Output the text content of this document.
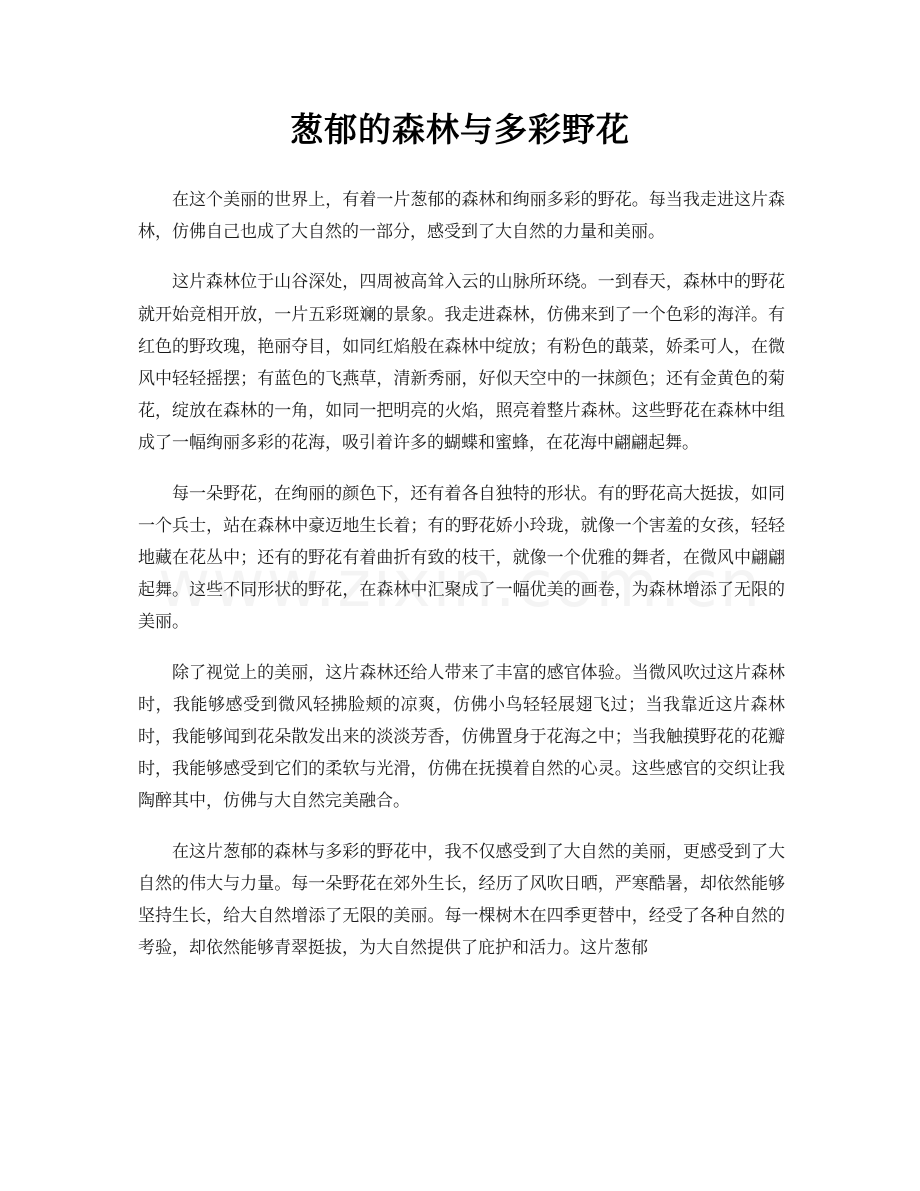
葱郁的森林与多彩野花

在这个美丽的世界上，有着一片葱郁的森林和绚丽多彩的野花。每当我走进这片森林，仿佛自己也成了大自然的一部分，感受到了大自然的力量和美丽。

这片森林位于山谷深处，四周被高耸入云的山脉所环绕。一到春天，森林中的野花就开始竞相开放，一片五彩斑斓的景象。我走进森林，仿佛来到了一个色彩的海洋。有红色的野玫瑰，艳丽夺目，如同红焰般在森林中绽放；有粉色的蕺菜，娇柔可人，在微风中轻轻摇摆；有蓝色的飞燕草，清新秀丽，好似天空中的一抹颜色；还有金黄色的菊花，绽放在森林的一角，如同一把明亮的火焰，照亮着整片森林。这些野花在森林中组成了一幅绚丽多彩的花海，吸引着许多的蝴蝶和蜜蜂，在花海中翩翩起舞。

每一朵野花，在绚丽的颜色下，还有着各自独特的形状。有的野花高大挺拔，如同一个兵士，站在森林中豪迈地生长着；有的野花娇小玲珑，就像一个害羞的女孩，轻轻地藏在花丛中；还有的野花有着曲折有致的枝干，就像一个优雅的舞者，在微风中翩翩起舞。这些不同形状的野花，在森林中汇聚成了一幅优美的画卷，为森林增添了无限的美丽。

除了视觉上的美丽，这片森林还给人带来了丰富的感官体验。当微风吹过这片森林时，我能够感受到微风轻拂脸颊的凉爽，仿佛小鸟轻轻展翅飞过；当我靠近这片森林时，我能够闻到花朵散发出来的淡淡芳香，仿佛置身于花海之中；当我触摸野花的花瓣时，我能够感受到它们的柔软与光滑，仿佛在抚摸着自然的心灵。这些感官的交织让我陶醉其中，仿佛与大自然完美融合。

在这片葱郁的森林与多彩的野花中，我不仅感受到了大自然的美丽，更感受到了大自然的伟大与力量。每一朵野花在郊外生长，经历了风吹日晒，严寒酷暑，却依然能够坚持生长，给大自然增添了无限的美丽。每一棵树木在四季更替中，经受了各种自然的考验，却依然能够青翠挺拔，为大自然提供了庇护和活力。这片葱郁
